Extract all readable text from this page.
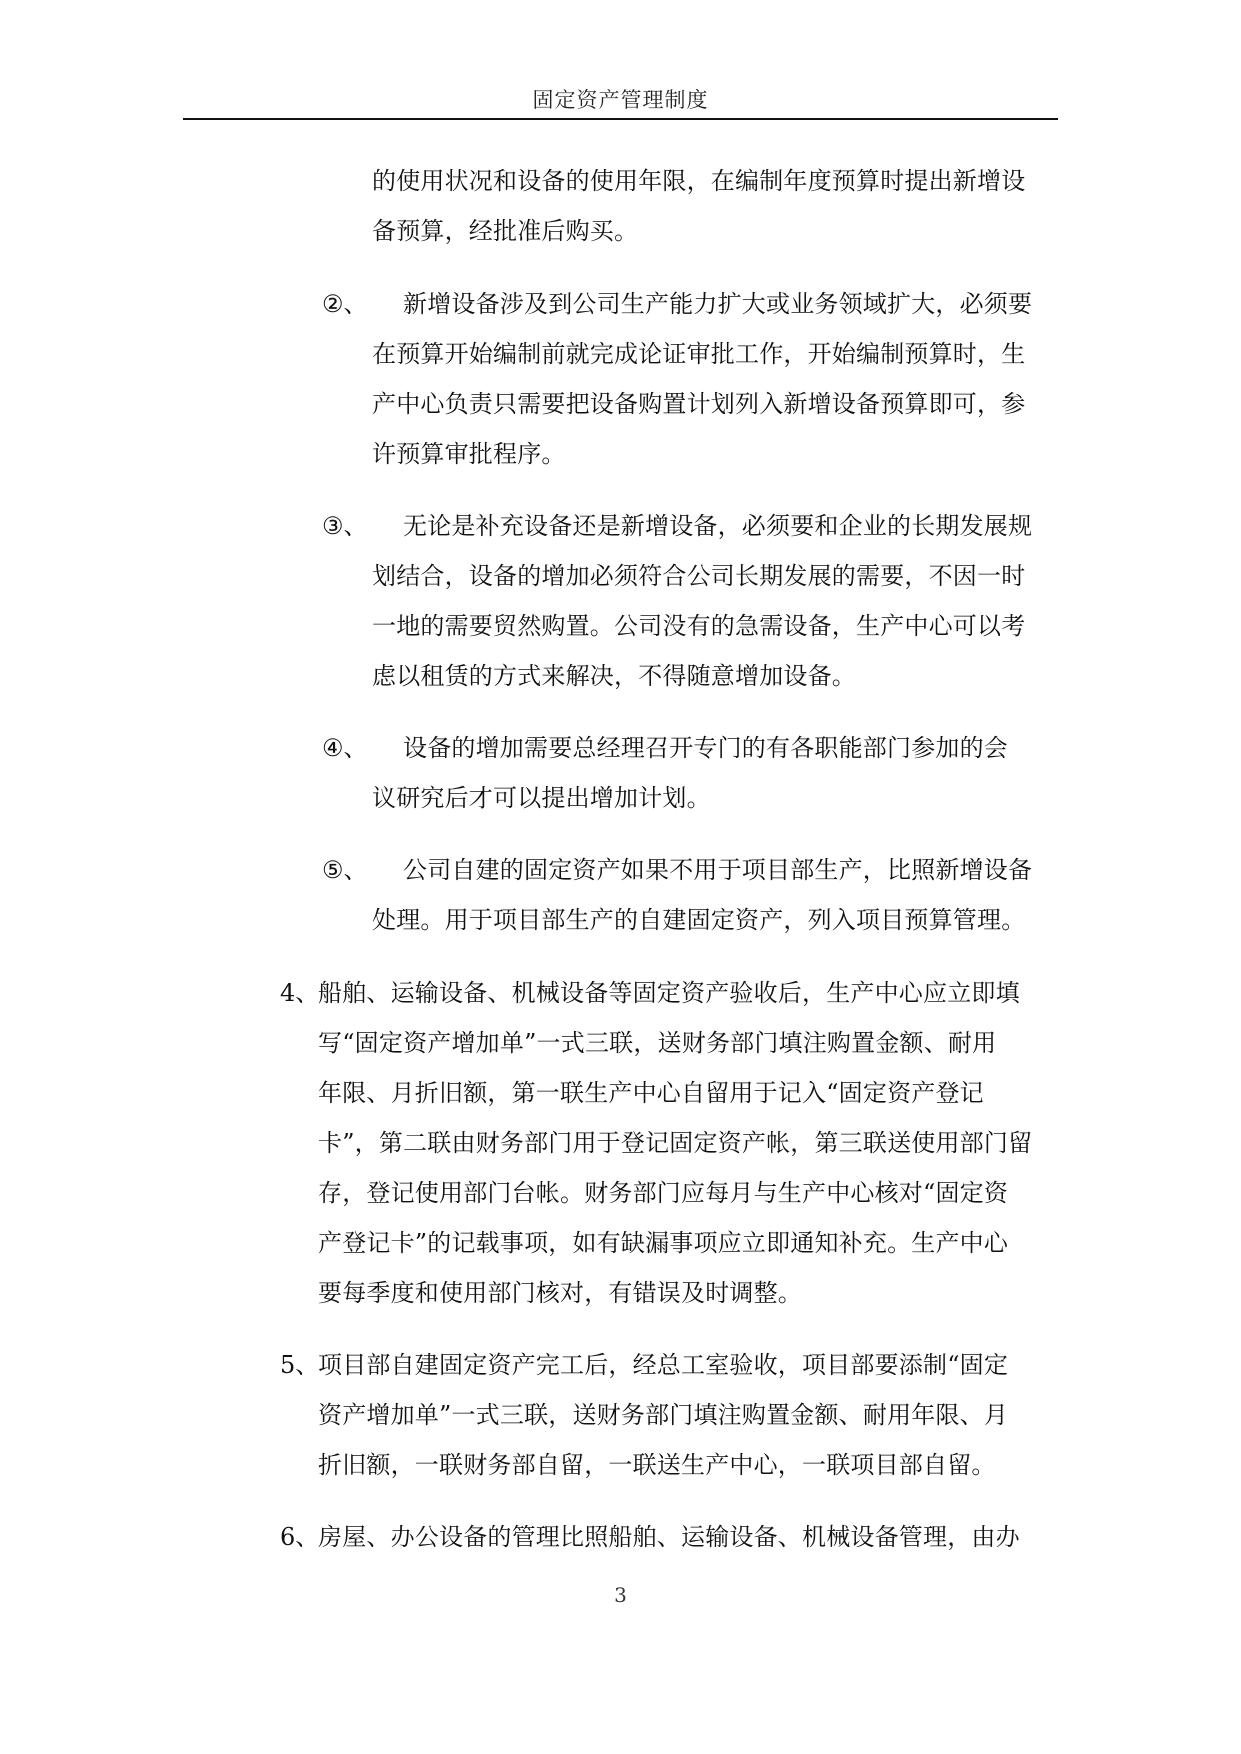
固定资产管理制度
的使用状况和设备的使用年限，在编制年度预算时提出新增设
备预算，经批准后购买。
②、 新增设备涉及到公司生产能力扩大或业务领域扩大，必须要
在预算开始编制前就完成论证审批工作，开始编制预算时，生
产中心负责只需要把设备购置计划列入新增设备预算即可，参
许预算审批程序。
③、 无论是补充设备还是新增设备，必须要和企业的长期发展规
划结合，设备的增加必须符合公司长期发展的需要，不因一时
一地的需要贸然购置。公司没有的急需设备，生产中心可以考
虑以租赁的方式来解决，不得随意增加设备。
④、 设备的增加需要总经理召开专门的有各职能部门参加的会
议研究后才可以提出增加计划。
⑤、 公司自建的固定资产如果不用于项目部生产，比照新增设备
处理。用于项目部生产的自建固定资产，列入项目预算管理。
4、
船舶、运输设备、机械设备等固定资产验收后，生产中心应立即填
写“固定资产增加单”一式三联，送财务部门填注购置金额、耐用
年限、月折旧额，第一联生产中心自留用于记入“固定资产登记
卡”，第二联由财务部门用于登记固定资产帐，第三联送使用部门留
存，登记使用部门台帐。财务部门应每月与生产中心核对“固定资
产登记卡”的记载事项，如有缺漏事项应立即通知补充。生产中心
要每季度和使用部门核对，有错误及时调整。
5、
项目部自建固定资产完工后，经总工室验收，项目部要添制“固定
资产增加单”一式三联，送财务部门填注购置金额、耐用年限、月
折旧额，一联财务部自留，一联送生产中心，一联项目部自留。
6、
房屋、办公设备的管理比照船舶、运输设备、机械设备管理，由办
3
